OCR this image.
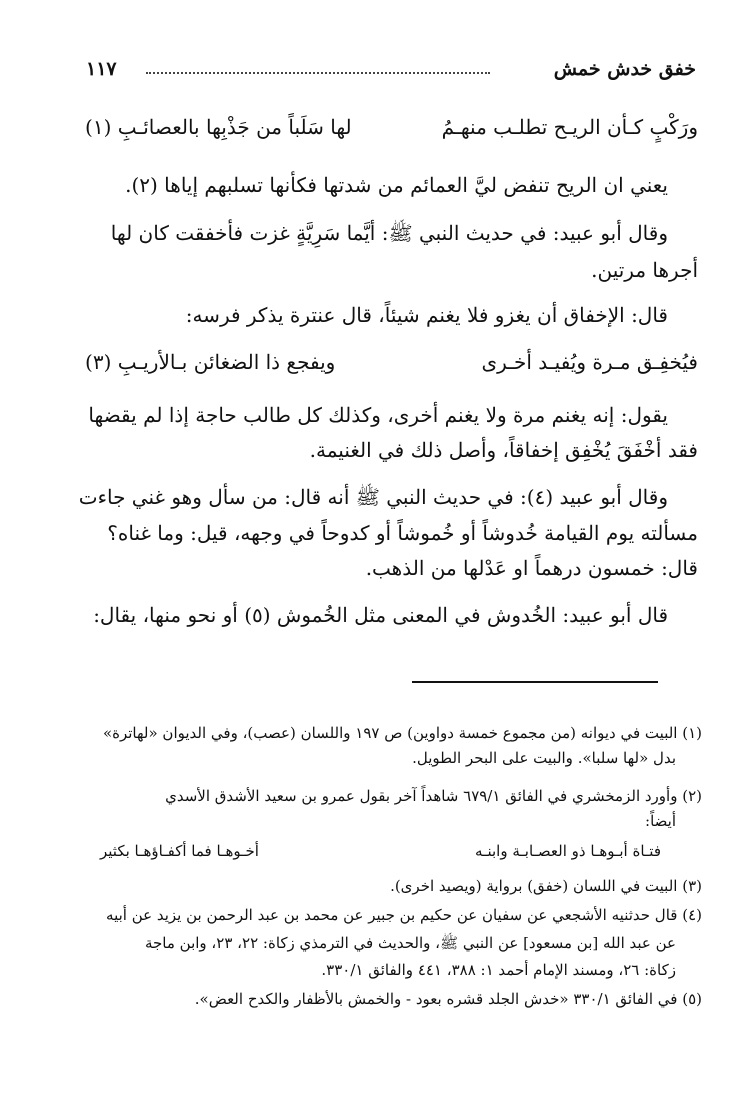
خفق خدش خمش
١١٧
ورَكْبٍ كـأن الريـح تطلـب منهـمُ
لها سَلَباً من جَذْبِها بالعصائـبِ (١)
يعني ان الريح تنفض ليَّ العمائم من شدتها فكأنها تسلبهم إياها (٢).
وقال أبو عبيد: في حديث النبي ﷺ: أيَّما سَرِيَّةٍ غزت فأخفقت كان لها
أجرها مرتين.
قال: الإخفاق أن يغزو فلا يغنم شيئاً، قال عنترة يذكر فرسه:
فيُخفِـق مـرة ويُفيـد أخـرى
ويفجع ذا الضغائن بـالأريـبِ (٣)
يقول: إنه يغنم مرة ولا يغنم أخرى، وكذلك كل طالب حاجة إذا لم يقضها
فقد أخْفَقَ يُخْفِق إخفاقاً، وأصل ذلك في الغنيمة.
وقال أبو عبيد (٤): في حديث النبي ﷺ أنه قال: من سأل وهو غني جاءت
مسألته يوم القيامة خُدوشاً أو خُموشاً أو كدوحاً في وجهه، قيل: وما غناه؟
قال: خمسون درهماً او عَدْلها من الذهب.
قال أبو عبيد: الخُدوش في المعنى مثل الخُموش (٥) أو نحو منها، يقال:
(١) البيت في ديوانه (من مجموع خمسة دواوين) ص ١٩٧ واللسان (عصب)، وفي الديوان «لهاترة»
بدل «لها سلبا». والبيت على البحر الطويل.
(٢) وأورد الزمخشري في الفائق ٦٧٩/١ شاهداً آخر بقول عمرو بن سعيد الأشدق الأسدي
أيضاً:
فتـاة أبـوهـا ذو العصـابـة وابنـه
أخـوهـا فما أكفـاؤهـا بكثير
(٣) البيت في اللسان (خفق) برواية (ويصيد اخرى).
(٤) قال حدثنيه الأشجعي عن سفيان عن حكيم بن جبير عن محمد بن عبد الرحمن بن يزيد عن أبيه
عن عبد الله [بن مسعود] عن النبي ﷺ، والحديث في الترمذي زكاة: ٢٢، ٢٣، وابن ماجة
زكاة: ٢٦، ومسند الإمام أحمد ١: ٣٨٨، ٤٤١ والفائق ٣٣٠/١.
(٥) في الفائق ٣٣٠/١ «خدش الجلد قشره بعود - والخمش بالأظفار والكدح العض».
